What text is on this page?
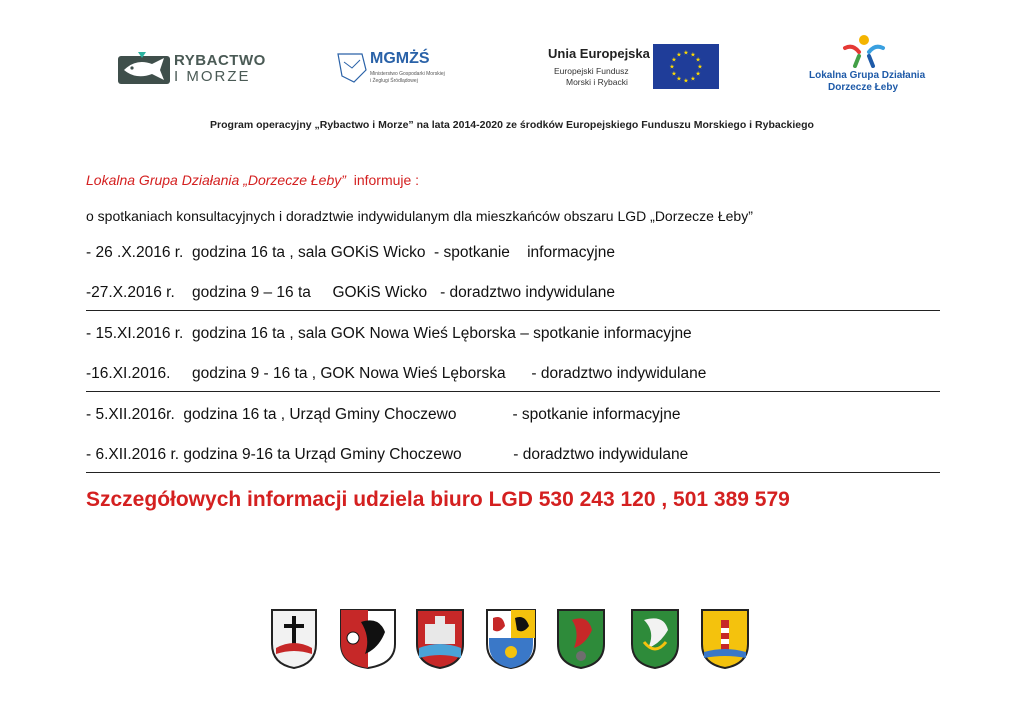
RYBACTWO
I MORZE
MGMŻŚ
Ministerstwo Gospodarki Morskiej
i Żeglugi Śródlądowej
Unia Europejska
Europejski Fundusz
Morski i Rybacki
★
★
★
★
★
★
★
★
★ ★ ★
★
Lokalna Grupa Działania
Dorzecze Łeby
Program operacyjny „Rybactwo i Morze” na lata 2014-2020 ze środków Europejskiego Funduszu Morskiego i Rybackiego
Lokalna Grupa Działania „Dorzecze Łeby” informuje :
o spotkaniach konsultacyjnych i doradztwie indywidulanym dla mieszkańców obszaru LGD „Dorzecze Łeby”
- 26 .X.2016 r.  godzina 16 ta , sala GOKiS Wicko  - spotkanie    informacyjne
-27.X.2016 r.    godzina 9 – 16 ta     GOKiS Wicko   - doradztwo indywidulane
- 15.XI.2016 r.  godzina 16 ta , sala GOK Nowa Wieś Lęborska – spotkanie informacyjne
-16.XI.2016.     godzina 9 - 16 ta , GOK Nowa Wieś Lęborska      - doradztwo indywidulane
- 5.XII.2016r.  godzina 16 ta , Urząd Gminy Choczewo             - spotkanie informacyjne
- 6.XII.2016 r. godzina 9-16 ta Urząd Gminy Choczewo            - doradztwo indywidulane
Szczegółowych informacji udziela biuro LGD 530 243 120 , 501 389 579
